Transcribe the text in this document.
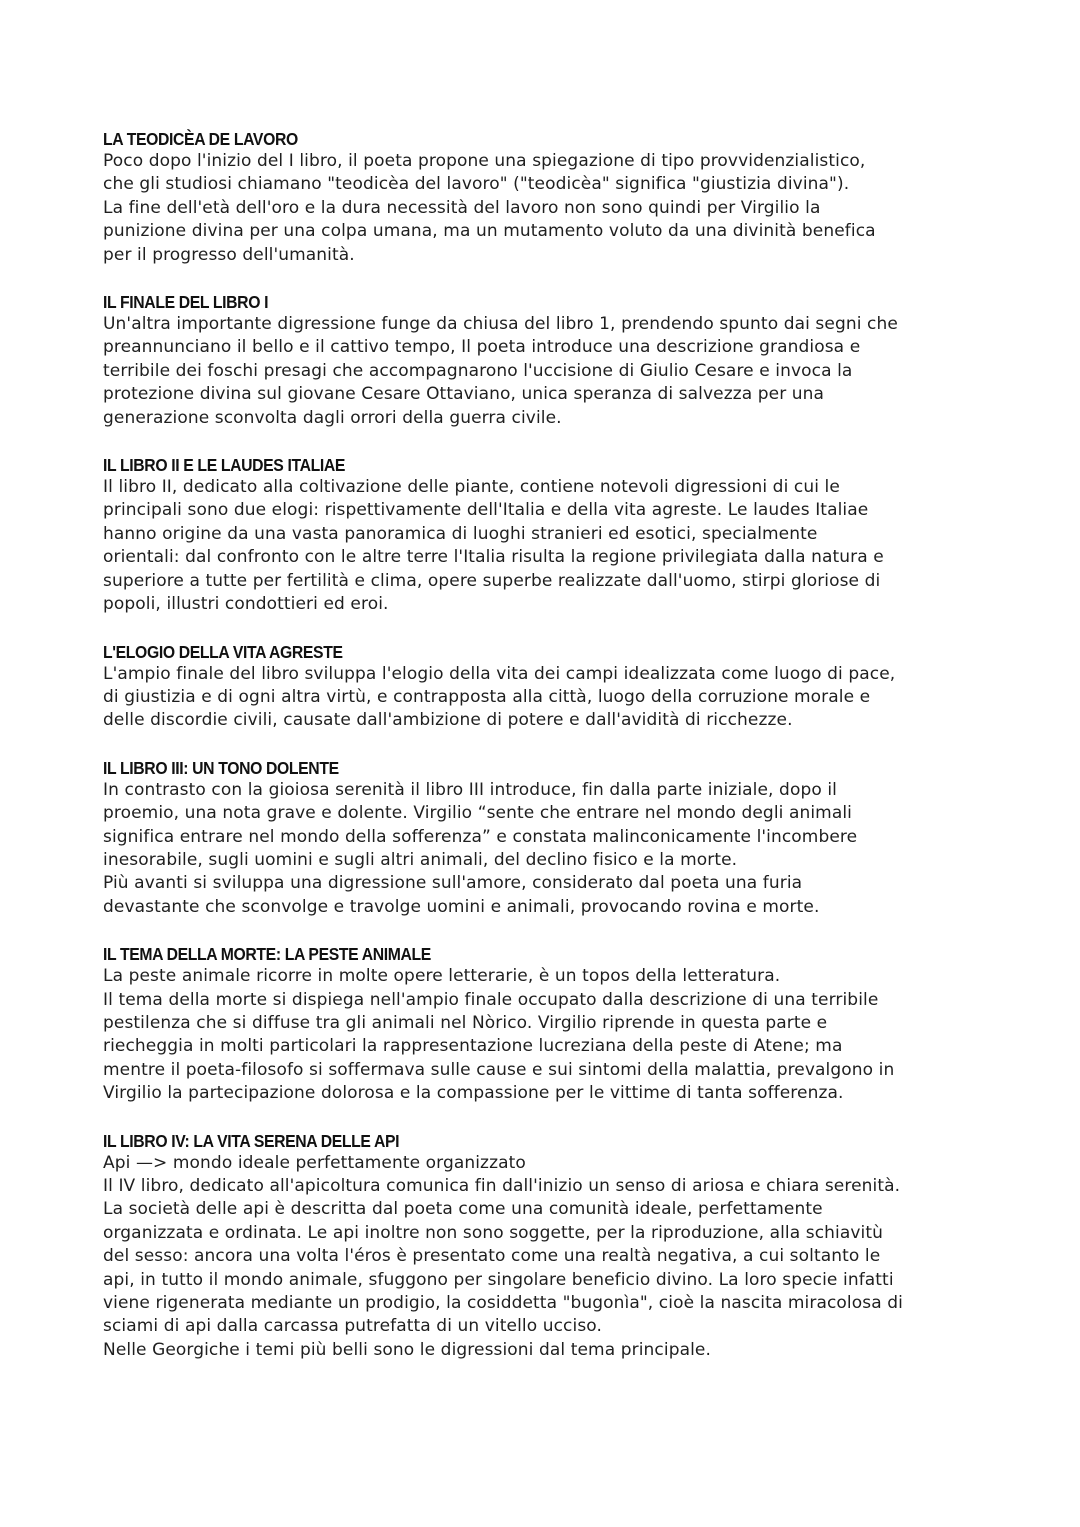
LA TEODICÈA DE LAVORO
Poco dopo l'inizio del I libro, il poeta propone una spiegazione di tipo provvidenzialistico,
che gli studiosi chiamano "teodicèa del lavoro" ("teodicèa" significa "giustizia divina").
La fine dell'età dell'oro e la dura necessità del lavoro non sono quindi per Virgilio la
punizione divina per una colpa umana, ma un mutamento voluto da una divinità benefica
per il progresso dell'umanità.
IL FINALE DEL LIBRO I
Un'altra importante digressione funge da chiusa del libro 1, prendendo spunto dai segni che
preannunciano il bello e il cattivo tempo, Il poeta introduce una descrizione grandiosa e
terribile dei foschi presagi che accompagnarono l'uccisione di Giulio Cesare e invoca la
protezione divina sul giovane Cesare Ottaviano, unica speranza di salvezza per una
generazione sconvolta dagli orrori della guerra civile.
IL LIBRO II E LE LAUDES ITALIAE
Il libro II, dedicato alla coltivazione delle piante, contiene notevoli digressioni di cui le
principali sono due elogi: rispettivamente dell'Italia e della vita agreste. Le laudes Italiae
hanno origine da una vasta panoramica di luoghi stranieri ed esotici, specialmente
orientali: dal confronto con le altre terre l'Italia risulta la regione privilegiata dalla natura e
superiore a tutte per fertilità e clima, opere superbe realizzate dall'uomo, stirpi gloriose di
popoli, illustri condottieri ed eroi.
L'ELOGIO DELLA VITA AGRESTE
L'ampio finale del libro sviluppa l'elogio della vita dei campi idealizzata come luogo di pace,
di giustizia e di ogni altra virtù, e contrapposta alla città, luogo della corruzione morale e
delle discordie civili, causate dall'ambizione di potere e dall'avidità di ricchezze.
IL LIBRO III: UN TONO DOLENTE
In contrasto con la gioiosa serenità il libro III introduce, fin dalla parte iniziale, dopo il
proemio, una nota grave e dolente. Virgilio “sente che entrare nel mondo degli animali
significa entrare nel mondo della sofferenza” e constata malinconicamente l'incombere
inesorabile, sugli uomini e sugli altri animali, del declino fisico e la morte.
Più avanti si sviluppa una digressione sull'amore, considerato dal poeta una furia
devastante che sconvolge e travolge uomini e animali, provocando rovina e morte.
IL TEMA DELLA MORTE: LA PESTE ANIMALE
La peste animale ricorre in molte opere letterarie, è un topos della letteratura.
Il tema della morte si dispiega nell'ampio finale occupato dalla descrizione di una terribile
pestilenza che si diffuse tra gli animali nel Nòrico. Virgilio riprende in questa parte e
riecheggia in molti particolari la rappresentazione lucreziana della peste di Atene; ma
mentre il poeta-filosofo si soffermava sulle cause e sui sintomi della malattia, prevalgono in
Virgilio la partecipazione dolorosa e la compassione per le vittime di tanta sofferenza.
IL LIBRO IV: LA VITA SERENA DELLE API
Api —> mondo ideale perfettamente organizzato
Il IV libro, dedicato all'apicoltura comunica fin dall'inizio un senso di ariosa e chiara serenità.
La società delle api è descritta dal poeta come una comunità ideale, perfettamente
organizzata e ordinata. Le api inoltre non sono soggette, per la riproduzione, alla schiavitù
del sesso: ancora una volta l'éros è presentato come una realtà negativa, a cui soltanto le
api, in tutto il mondo animale, sfuggono per singolare beneficio divino. La loro specie infatti
viene rigenerata mediante un prodigio, la cosiddetta "bugonìa", cioè la nascita miracolosa di
sciami di api dalla carcassa putrefatta di un vitello ucciso.
Nelle Georgiche i temi più belli sono le digressioni dal tema principale.
